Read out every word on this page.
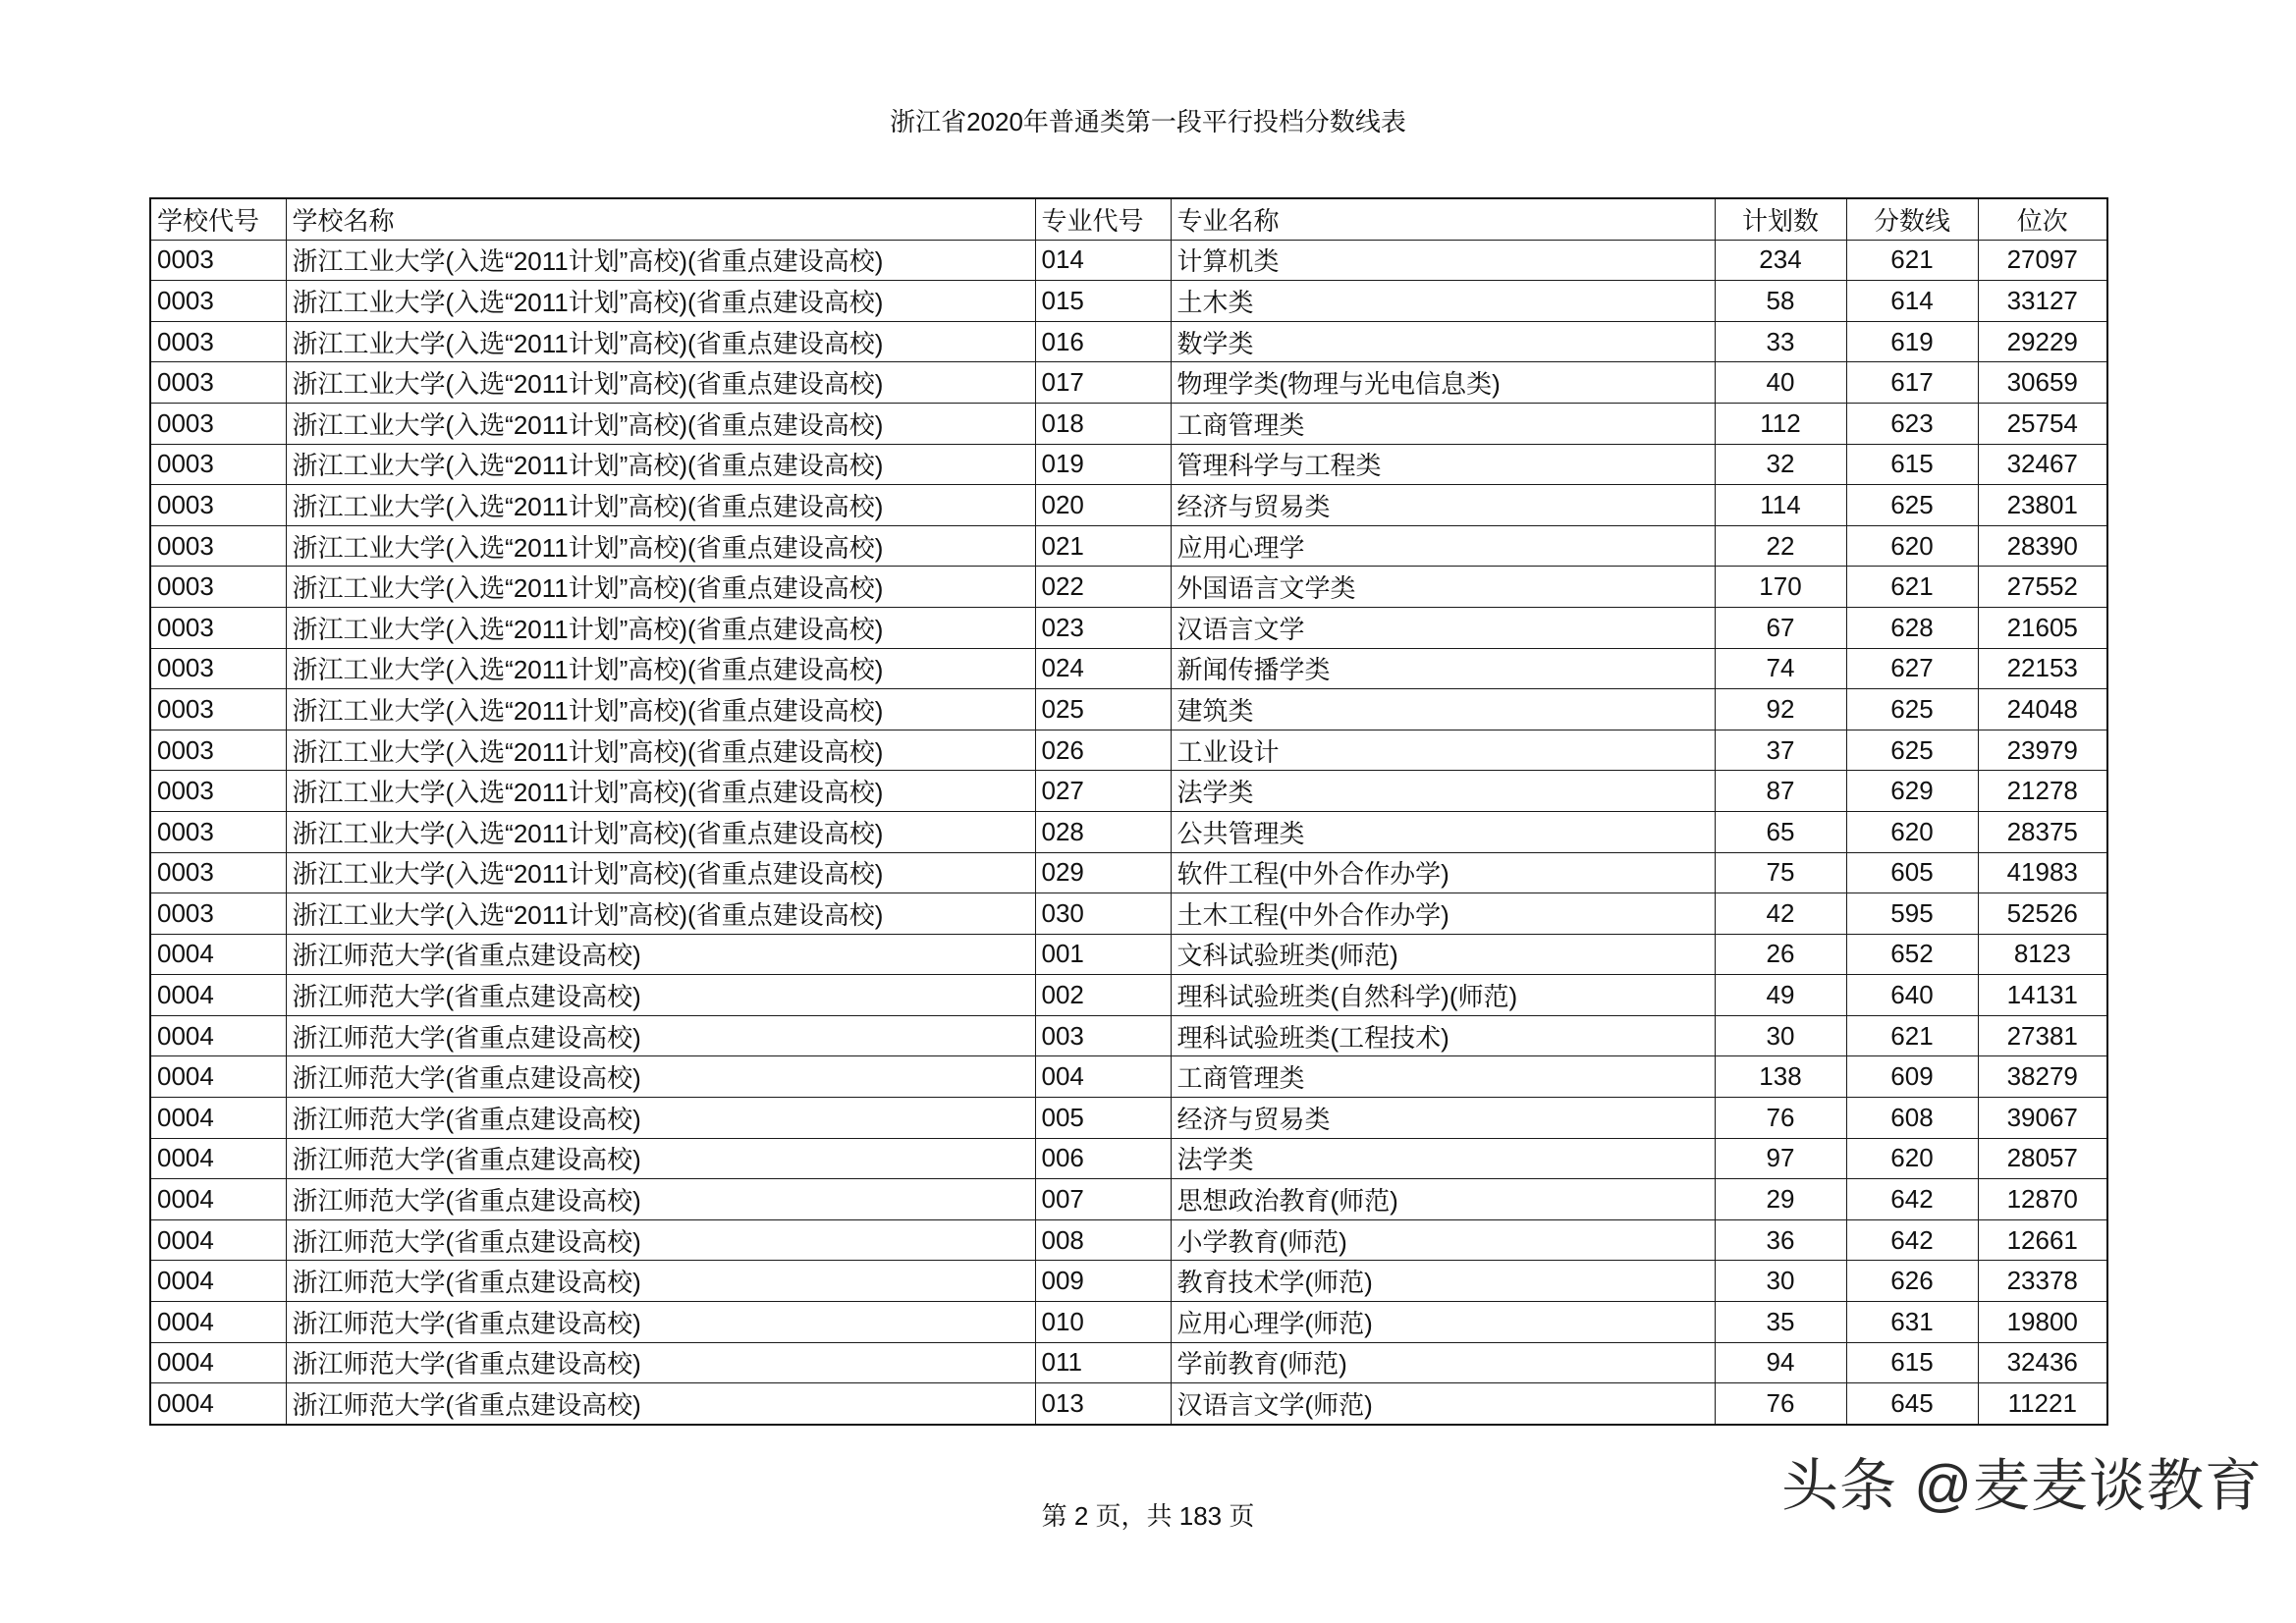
浙江省2020年普通类第一段平行投档分数线表
学校代号	学校名称	专业代号	专业名称	计划数	分数线	位次
0003	浙江工业大学(入选“2011计划”高校)(省重点建设高校)	014	计算机类	234	621	27097
0003	浙江工业大学(入选“2011计划”高校)(省重点建设高校)	015	土木类	58	614	33127
0003	浙江工业大学(入选“2011计划”高校)(省重点建设高校)	016	数学类	33	619	29229
0003	浙江工业大学(入选“2011计划”高校)(省重点建设高校)	017	物理学类(物理与光电信息类)	40	617	30659
0003	浙江工业大学(入选“2011计划”高校)(省重点建设高校)	018	工商管理类	112	623	25754
0003	浙江工业大学(入选“2011计划”高校)(省重点建设高校)	019	管理科学与工程类	32	615	32467
0003	浙江工业大学(入选“2011计划”高校)(省重点建设高校)	020	经济与贸易类	114	625	23801
0003	浙江工业大学(入选“2011计划”高校)(省重点建设高校)	021	应用心理学	22	620	28390
0003	浙江工业大学(入选“2011计划”高校)(省重点建设高校)	022	外国语言文学类	170	621	27552
0003	浙江工业大学(入选“2011计划”高校)(省重点建设高校)	023	汉语言文学	67	628	21605
0003	浙江工业大学(入选“2011计划”高校)(省重点建设高校)	024	新闻传播学类	74	627	22153
0003	浙江工业大学(入选“2011计划”高校)(省重点建设高校)	025	建筑类	92	625	24048
0003	浙江工业大学(入选“2011计划”高校)(省重点建设高校)	026	工业设计	37	625	23979
0003	浙江工业大学(入选“2011计划”高校)(省重点建设高校)	027	法学类	87	629	21278
0003	浙江工业大学(入选“2011计划”高校)(省重点建设高校)	028	公共管理类	65	620	28375
0003	浙江工业大学(入选“2011计划”高校)(省重点建设高校)	029	软件工程(中外合作办学)	75	605	41983
0003	浙江工业大学(入选“2011计划”高校)(省重点建设高校)	030	土木工程(中外合作办学)	42	595	52526
0004	浙江师范大学(省重点建设高校)	001	文科试验班类(师范)	26	652	8123
0004	浙江师范大学(省重点建设高校)	002	理科试验班类(自然科学)(师范)	49	640	14131
0004	浙江师范大学(省重点建设高校)	003	理科试验班类(工程技术)	30	621	27381
0004	浙江师范大学(省重点建设高校)	004	工商管理类	138	609	38279
0004	浙江师范大学(省重点建设高校)	005	经济与贸易类	76	608	39067
0004	浙江师范大学(省重点建设高校)	006	法学类	97	620	28057
0004	浙江师范大学(省重点建设高校)	007	思想政治教育(师范)	29	642	12870
0004	浙江师范大学(省重点建设高校)	008	小学教育(师范)	36	642	12661
0004	浙江师范大学(省重点建设高校)	009	教育技术学(师范)	30	626	23378
0004	浙江师范大学(省重点建设高校)	010	应用心理学(师范)	35	631	19800
0004	浙江师范大学(省重点建设高校)	011	学前教育(师范)	94	615	32436
0004	浙江师范大学(省重点建设高校)	013	汉语言文学(师范)	76	645	11221
第 2 页，共 183 页	头条 @麦麦谈教育
